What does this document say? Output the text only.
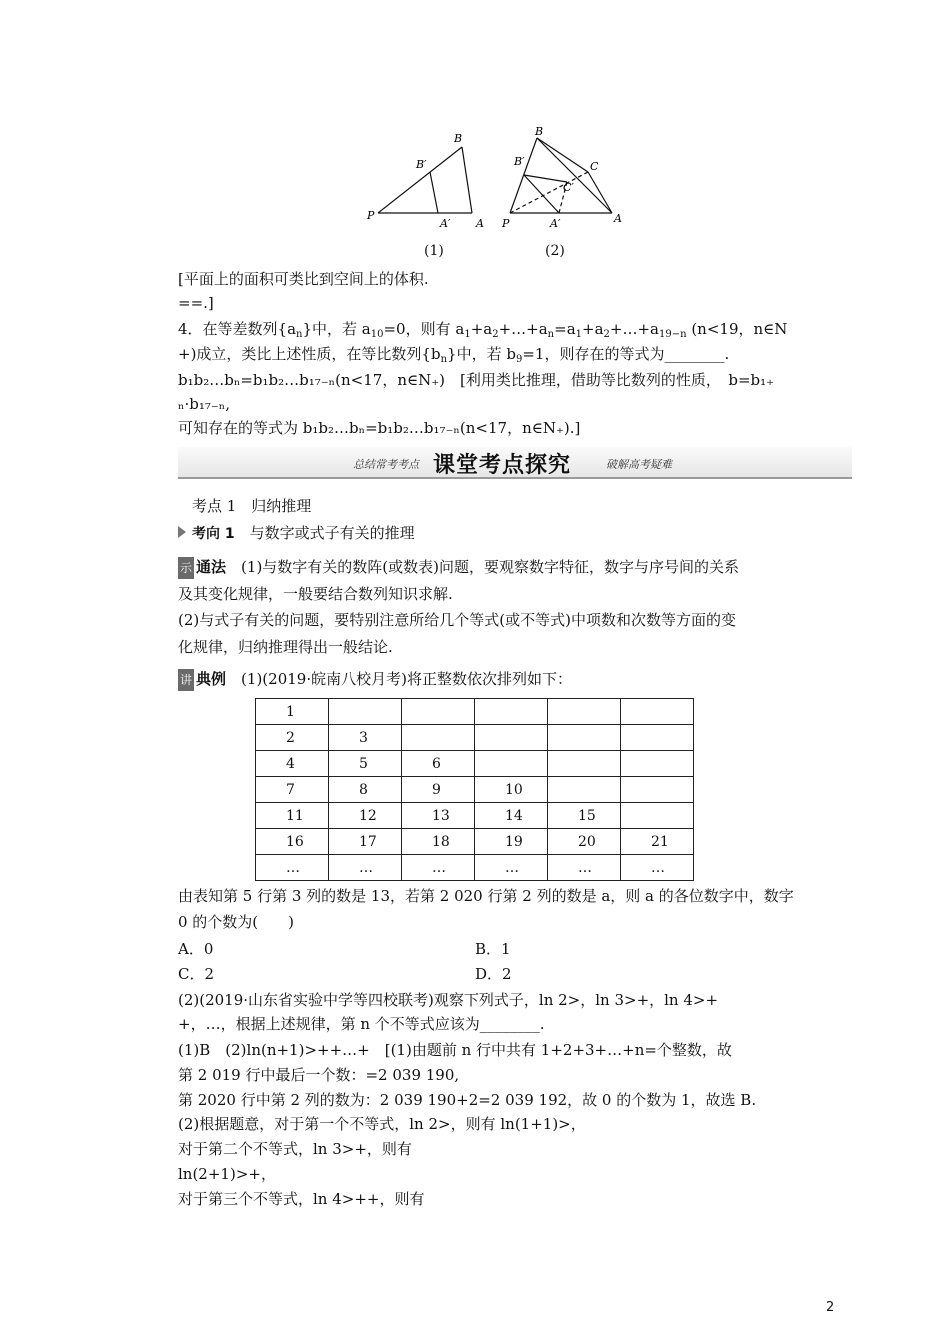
B
B′
P
A′ A
B
B′	C
C′
P	A′	A
(1)	(2)
[平面上的面积可类比到空间上的体积.
==.]
4．在等差数列$\{a_n\}$中，若 $a_{10}=0$，则有 $a_1+a_2+\dots+a_n=a_1+a_2+\dots+a_{19-n}$ (n<19，n∈N
+)成立，类比上述性质，在等比数列$\{b_n\}$中，若 $b_9=1$，则存在的等式为________.
b₁b₂…bₙ=b₁b₂…b₁₇₋ₙ(n<17，n∈N₊)　[利用类比推理，借助等比数列的性质，　b=b₁₊
ₙ·b₁₇₋ₙ,
可知存在的等式为 b₁b₂…bₙ=b₁b₂…b₁₇₋ₙ(n<17，n∈N₊).]
总结常考考点 课堂考点探究	破解高考疑难
考点 1　归纳推理
考向 1　 与数字或式子有关的推理
示 通法　 (1)与数字有关的数阵(或数表)问题，要观察数字特征，数字与序号间的关系
及其变化规律，一般要结合数列知识求解.
(2)与式子有关的问题，要特别注意所给几个等式(或不等式)中项数和次数等方面的变
化规律，归纳推理得出一般结论.
讲 典例　 (1)(2019·皖南八校月考)将正整数依次排列如下：
1					
2	3				
4	5	6			
7	8	9	10		
11	12	13	14	15	
16	17	18	19	20	21
…	…	…	…	…	…
由表知第 5 行第 3 列的数是 13，若第 2 020 行第 2 列的数是 a，则 a 的各位数字中，数字
0 的个数为(　　)
A．0	B．1
C．2	D．2
(2)(2019·山东省实验中学等四校联考)观察下列式子，ln 2>，ln 3>+，ln 4>+
+，…，根据上述规律，第 n 个不等式应该为________.
(1)B　(2)ln(n+1)>++…+　[(1)由题前 n 行中共有 1+2+3+…+n=个整数，故
第 2 019 行中最后一个数：=2 039 190,
第 2020 行中第 2 列的数为：2 039 190+2=2 039 192，故 0 的个数为 1，故选 B.
(2)根据题意，对于第一个不等式，ln 2>，则有 ln(1+1)>，
对于第二个不等式，ln 3>+，则有
ln(2+1)>+，
对于第三个不等式，ln 4>++，则有
2
